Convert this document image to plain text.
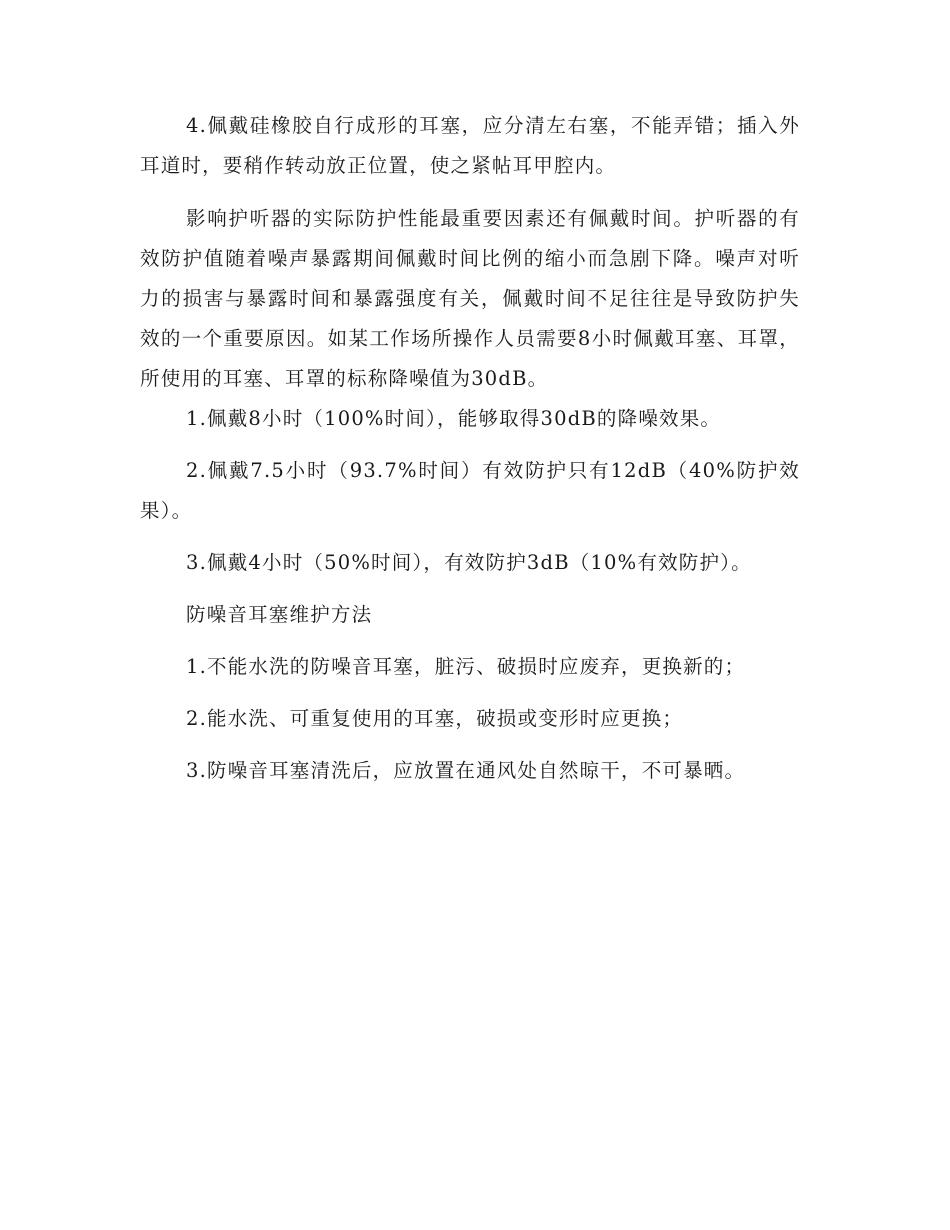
4.佩戴硅橡胶自行成形的耳塞，应分清左右塞，不能弄错；插入外耳道时，要稍作转动放正位置，使之紧帖耳甲腔内。

影响护听器的实际防护性能最重要因素还有佩戴时间。护听器的有效防护值随着噪声暴露期间佩戴时间比例的缩小而急剧下降。噪声对听力的损害与暴露时间和暴露强度有关，佩戴时间不足往往是导致防护失效的一个重要原因。如某工作场所操作人员需要8小时佩戴耳塞、耳罩，所使用的耳塞、耳罩的标称降噪值为30dB。

1.佩戴8小时（100%时间），能够取得30dB的降噪效果。

2.佩戴7.5小时（93.7%时间）有效防护只有12dB（40%防护效果）。

3.佩戴4小时（50%时间），有效防护3dB（10%有效防护）。

防噪音耳塞维护方法

1.不能水洗的防噪音耳塞，脏污、破损时应废弃，更换新的；

2.能水洗、可重复使用的耳塞，破损或变形时应更换；

3.防噪音耳塞清洗后，应放置在通风处自然晾干，不可暴晒。
